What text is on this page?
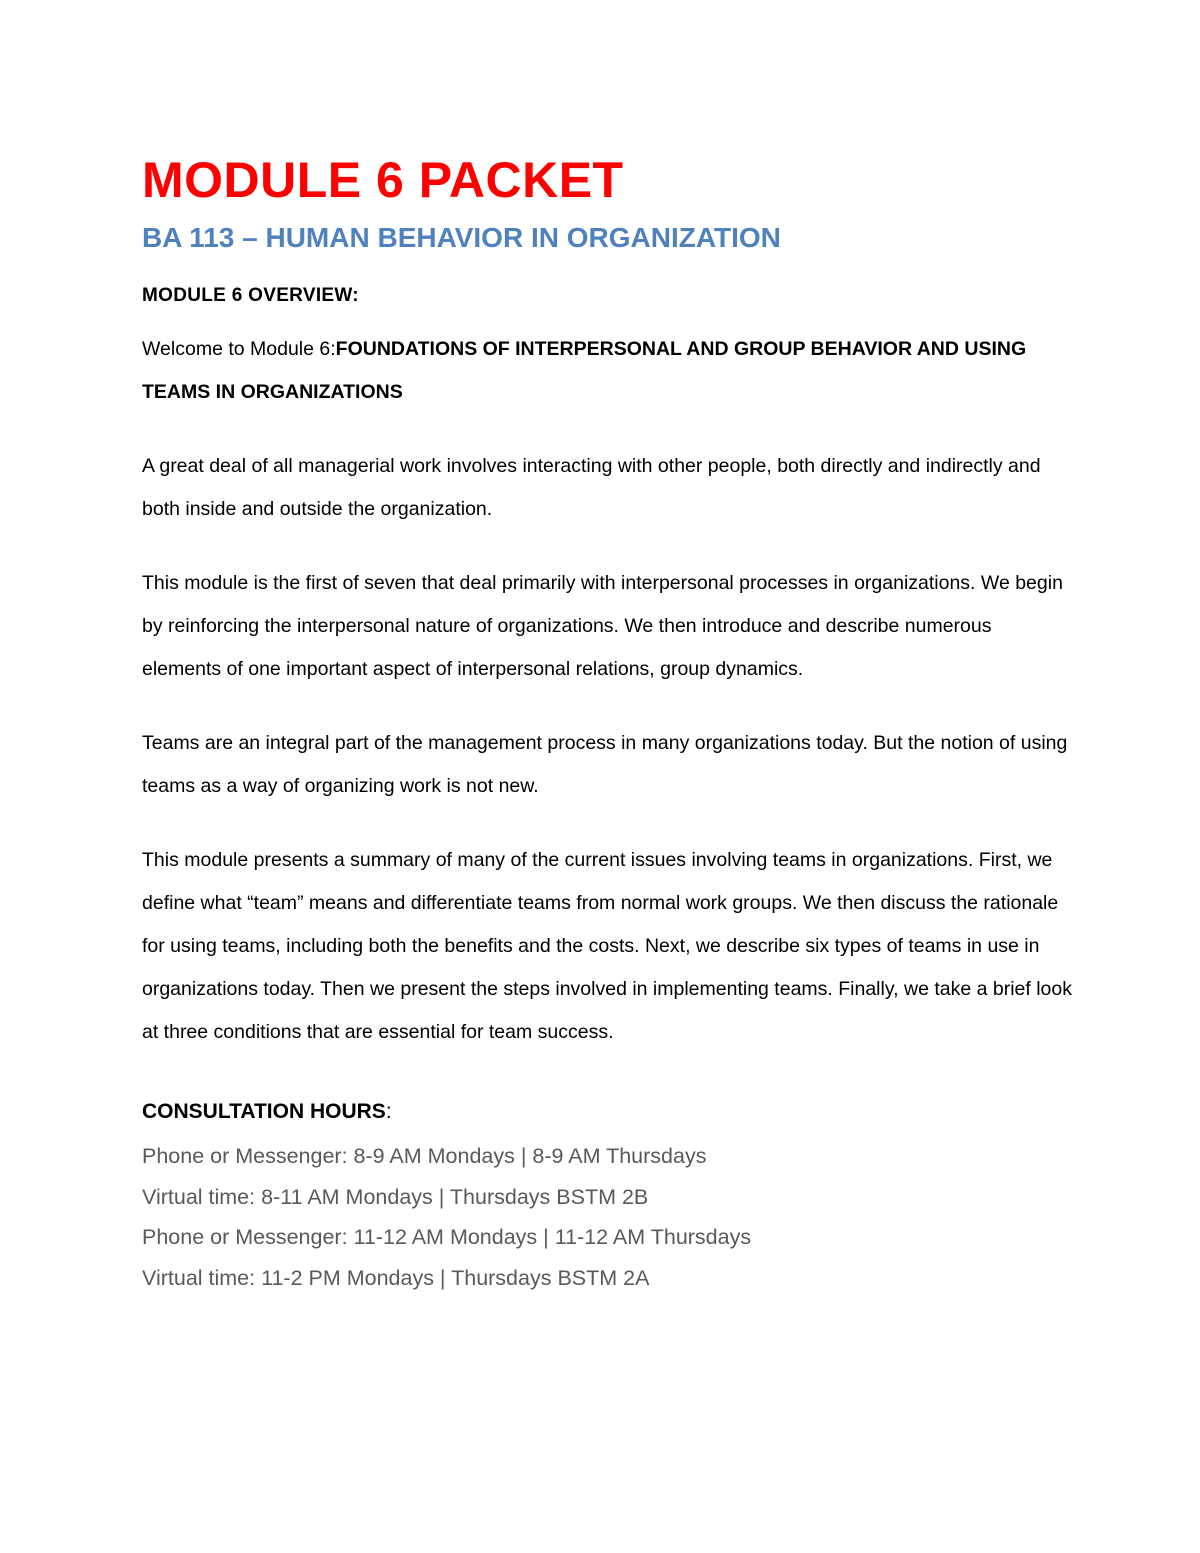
MODULE 6 PACKET
BA 113 – HUMAN BEHAVIOR IN ORGANIZATION
MODULE 6 OVERVIEW:

Welcome to Module 6:FOUNDATIONS OF INTERPERSONAL AND GROUP BEHAVIOR AND USING TEAMS IN ORGANIZATIONS

A great deal of all managerial work involves interacting with other people, both directly and indirectly and both inside and outside the organization.

This module is the first of seven that deal primarily with interpersonal processes in organizations. We begin by reinforcing the interpersonal nature of organizations. We then introduce and describe numerous elements of one important aspect of interpersonal relations, group dynamics.

Teams are an integral part of the management process in many organizations today. But the notion of using teams as a way of organizing work is not new.

This module presents a summary of many of the current issues involving teams in organizations. First, we define what “team” means and differentiate teams from normal work groups. We then discuss the rationale for using teams, including both the benefits and the costs. Next, we describe six types of teams in use in organizations today. Then we present the steps involved in implementing teams. Finally, we take a brief look at three conditions that are essential for team success.

CONSULTATION HOURS:

Phone or Messenger: 8-9 AM Mondays | 8-9 AM Thursdays

Virtual time: 8-11 AM Mondays | Thursdays BSTM 2B

Phone or Messenger: 11-12 AM Mondays | 11-12 AM Thursdays

Virtual time: 11-2 PM Mondays | Thursdays BSTM 2A
